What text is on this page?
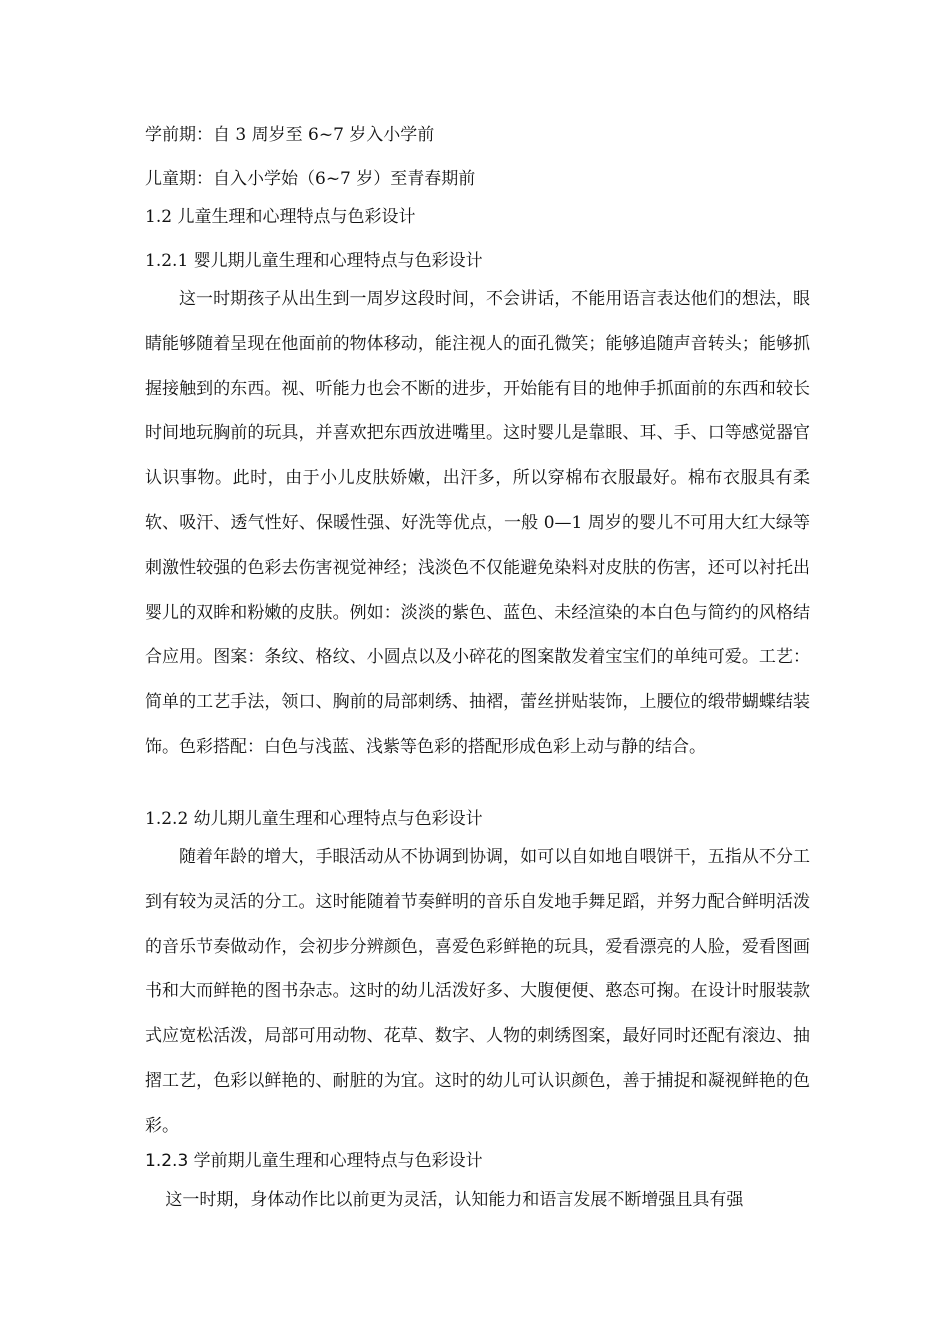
学前期：自 3 周岁至 6~7 岁入小学前
儿童期：自入小学始（6~7 岁）至青春期前
1.2 儿童生理和心理特点与色彩设计
1.2.1 婴儿期儿童生理和心理特点与色彩设计
这一时期孩子从出生到一周岁这段时间，不会讲话，不能用语言表达他们的想法，眼睛能够随着呈现在他面前的物体移动，能注视人的面孔微笑；能够追随声音转头；能够抓握接触到的东西。视、听能力也会不断的进步，开始能有目的地伸手抓面前的东西和较长时间地玩胸前的玩具，并喜欢把东西放进嘴里。这时婴儿是靠眼、耳、手、口等感觉器官认识事物。此时，由于小儿皮肤娇嫩，出汗多，所以穿棉布衣服最好。棉布衣服具有柔软、吸汗、透气性好、保暖性强、好洗等优点，一般 0—1 周岁的婴儿不可用大红大绿等刺激性较强的色彩去伤害视觉神经；浅淡色不仅能避免染料对皮肤的伤害，还可以衬托出婴儿的双眸和粉嫩的皮肤。例如：淡淡的紫色、蓝色、未经渲染的本白色与简约的风格结合应用。图案：条纹、格纹、小圆点以及小碎花的图案散发着宝宝们的单纯可爱。工艺：简单的工艺手法，领口、胸前的局部刺绣、抽褶，蕾丝拼贴装饰，上腰位的缎带蝴蝶结装饰。色彩搭配：白色与浅蓝、浅紫等色彩的搭配形成色彩上动与静的结合。
1.2.2 幼儿期儿童生理和心理特点与色彩设计
随着年龄的增大，手眼活动从不协调到协调，如可以自如地自喂饼干，五指从不分工到有较为灵活的分工。这时能随着节奏鲜明的音乐自发地手舞足蹈，并努力配合鲜明活泼的音乐节奏做动作，会初步分辨颜色，喜爱色彩鲜艳的玩具，爱看漂亮的人脸，爱看图画书和大而鲜艳的图书杂志。这时的幼儿活泼好多、大腹便便、憨态可掬。在设计时服装款式应宽松活泼，局部可用动物、花草、数字、人物的刺绣图案，最好同时还配有滚边、抽摺工艺，色彩以鲜艳的、耐脏的为宜。这时的幼儿可认识颜色，善于捕捉和凝视鲜艳的色彩。
1.2.3 学前期儿童生理和心理特点与色彩设计
这一时期，身体动作比以前更为灵活，认知能力和语言发展不断增强且具有强
